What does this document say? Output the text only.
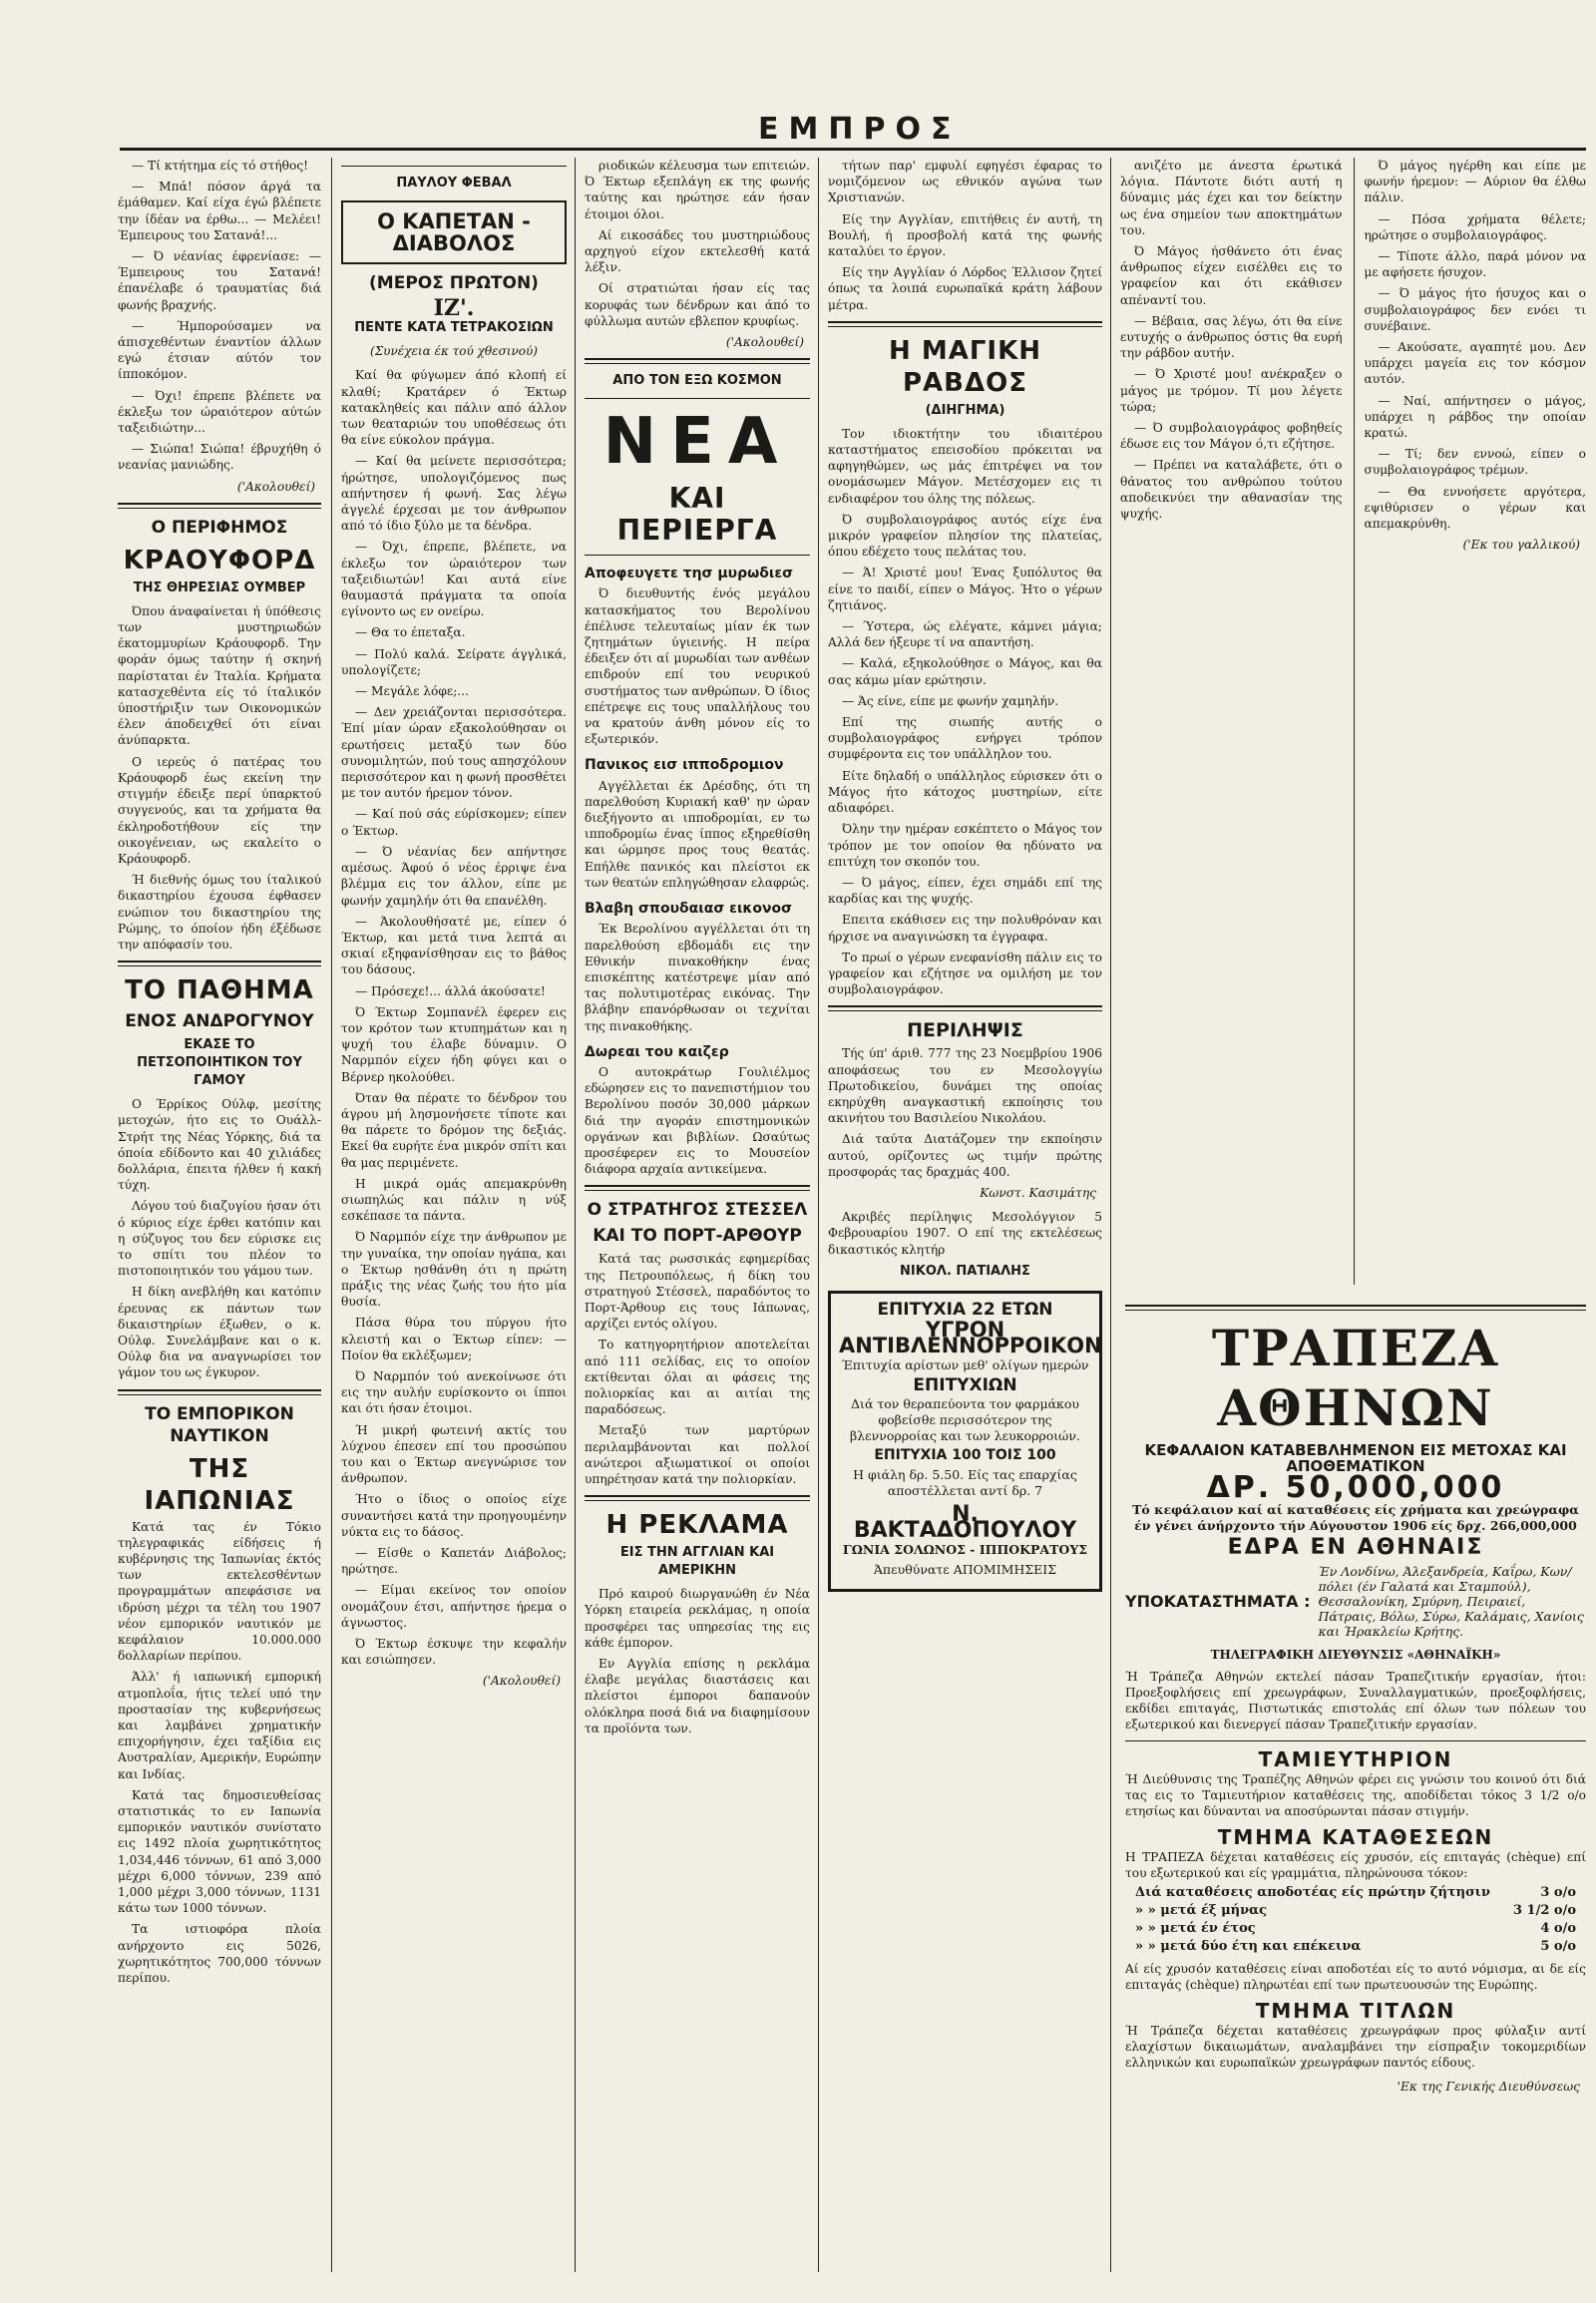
ΕΜΠΡΟΣ

— Τί κτήτημα είς τό στήθος!

— Μπά! πόσον άργά τα έμάθαμεν. Καί είχα έγώ βλέπετε την ίδέαν να έρθω... — Μελέει! Έμπειρους του Σατανά!...

— Ό νέανίας έφρενίασε: — Έμπειρους του Σατανά! έπανέλαβε ό τραυματίας διά φωνής βραχνής.

— Ήμπορούσαμεν να άπισχεθέντων έναντίον άλλων εγώ έτσιαν αύτόν τον ίπποκόμον.

— Όχι! έπρεπε βλέπετε να έκλεξω τον ώραιότερον αύτών ταξειδιώτην...

— Σιώπα! Σιώπα! έβρυχήθη ό νεανίας μανιώδης.

('Ακολουθεί)
Ο ΠΕΡΙΦΗΜΟΣ
ΚΡΑΟΥΦΟΡΔ
ΤΗΣ ΘΗΡΕΣΙΑΣ ΟΥΜΒΕΡ

Όπου άναφαίνεται ή ύπόθεσις των μυστηριωδών έκατομμυρίων Κράουφορδ. Την φοράν όμως ταύτην ή σκηνή παρίσταται έν Ίταλία. Κρήματα κατασχεθέντα είς τό ίταλικόν ύποστήριξιν των Οικονομικών έλεν άποδειχθεί ότι είναι άνύπαρκτα.

Ο ιερεύς ό πατέρας του Κράουφορδ έως εκείνη την στιγμήν έδειξε περί ύπαρκτού συγγενούς, και τα χρήματα θα έκληροδοτήθουν είς την οικογένειαν, ως εκαλείτο ο Κράουφορδ.

Ή διεθνής όμως του ίταλικού δικαστηρίου έχουσα έφθασεν ενώπιον του δικαστηρίου της Ρώμης, το όποίον ήδη έξέδωσε την απόφασίν του.

ΤΟ ΠΑΘΗΜΑ
ΕΝΟΣ ΑΝΔΡΟΓΥΝΟΥ
ΕΚΑΣΕ ΤΟ ΠΕΤΣΟΠΟΙΗΤΙΚΟΝ ΤΟΥ ΓΑΜΟΥ

Ο Έρρίκος Ούλφ, μεσίτης μετοχών, ήτο εις το Ουάλλ-Στρήτ της Νέας Υόρκης, διά τα όποία εδίδοντο και 40 χιλιάδες δολλάρια, έπειτα ήλθεν ή κακή τύχη.

Λόγου τού διαζυγίου ήσαν ότι ό κύριος είχε έρθει κατόπιν και η σύζυγος του δεν εύρισκε εις το σπίτι του πλέον το πιστοποιητικόν του γάμου των.

Η δίκη ανεβλήθη και κατόπιν έρευνας εκ πάντων των δικαιστηρίων έξωθεν, ο κ. Ούλφ. Συνελάμβανε και ο κ. Ούλφ δια να αναγνωρίσει τον γάμον του ως έγκυρον.

ΤΟ ΕΜΠΟΡΙΚΟΝ ΝΑΥΤΙΚΟΝ
ΤΗΣ ΙΑΠΩΝΙΑΣ

Κατά τας έν Τόκιο τηλεγραφικάς είδήσεις ή κυβέρνησις της Ίαπωνίας έκτός των εκτελεσθέντων προγραμμάτων απεφάσισε να ιδρύση μέχρι τα τέλη του 1907 νέον εμπορικόν ναυτικόν με κεφάλαιον 10.000.000 δολλαρίων περίπου.

Άλλ' ή ιαπωνική εμπορική ατμοπλοΐα, ήτις τελεί υπό την προστασίαν της κυβερνήσεως και λαμβάνει χρηματικήν επιχορήγησιν, έχει ταξίδια εις Αυστραλίαν, Αμερικήν, Ευρώπην και Ινδίας.

Κατά τας δημοσιευθείσας στατιστικάς το εν Ιαπωνία εμπορικόν ναυτικόν συνίστατο εις 1492 πλοία χωρητικότητος 1,034,446 τόννων, 61 από 3,000 μέχρι 6,000 τόννων, 239 από 1,000 μέχρι 3,000 τόννων, 1131 κάτω των 1000 τόννων.

Τα ιστιοφόρα πλοία ανήρχοντο εις 5026, χωρητικότητος 700,000 τόννων περίπου.

ΠΑΥΛΟΥ ΦΕΒΑΛ
Ο ΚΑΠΕΤΑΝ - ΔΙΑΒΟΛΟΣ
(ΜΕΡΟΣ ΠΡΩΤΟΝ)
ΙΖ'.
ΠΕΝΤΕ ΚΑΤΑ ΤΕΤΡΑΚΟΣΙΩΝ
(Συνέχεια έκ τού χθεσινού)

Καί θα φύγωμεν άπό κλοπή εί κλαθί; Κρατάρεν ό Έκτωρ κατακληθείς και πάλιν από άλλον των θεαταριών του υποθέσεως ότι θα είνε εύκολον πράγμα.

— Καί θα μείνετε περισσότερα; ήρώτησε, υπολογιζόμενος πως απήντησεν ή φωνή. Σας λέγω άγγελέ έρχεσαι με τον άνθρωπον από τό ίδιο ξύλο με τα δένδρα.

— Όχι, έπρεπε, βλέπετε, να έκλεξω τον ώραιότερον των ταξειδιωτών! Και αυτά είνε θαυμαστά πράγματα τα οποία εγίνοντο ως εν ονείρω.

— Θα το έπεταξα.

— Πολύ καλά. Σείρατε άγγλικά, υπολογίζετε;

— Μεγάλε λόφε;...

— Δεν χρειάζονται περισσότερα. Έπί μίαν ώραν εξακολούθησαν οι ερωτήσεις μεταξύ των δύο συνομιλητών, πού τους απησχόλουν περισσότερον και η φωνή προσθέτει με τον αυτόν ήρεμον τόνον.

— Καί πού σάς εύρίσκομεν; είπεν ο Έκτωρ.

— Ό νέανίας δεν απήντησε αμέσως. Άφού ό νέος έρριψε ένα βλέμμα εις τον άλλον, είπε με φωνήν χαμηλήν ότι θα επανέλθη.

— Άκολουθήσατέ με, είπεν ό Έκτωρ, και μετά τινα λεπτά αι σκιαί εξηφανίσθησαν εις το βάθος του δάσους.

— Πρόσεχε!... άλλά άκούσατε!

Ό Έκτωρ Σομπανέλ έφερεν εις τον κρότον των κτυπημάτων και η ψυχή του έλαβε δύναμιν. Ο Ναρμπόν είχεν ήδη φύγει και ο Βέρνερ ηκολούθει.

Όταν θα πέρατε το δένδρον του άγρου μή λησμονήσετε τίποτε και θα πάρετε το δρόμον της δεξιάς. Εκεί θα ευρήτε ένα μικρόν σπίτι και θα μας περιμένετε.

Η μικρά ομάς απεμακρύνθη σιωπηλώς και πάλιν η νύξ εσκέπασε τα πάντα.

Ό Ναρμπόν είχε την άνθρωπον με την γυναίκα, την οποίαν ηγάπα, και ο Έκτωρ ησθάνθη ότι η πρώτη πράξις της νέας ζωής του ήτο μία θυσία.

Πάσα θύρα του πύργου ήτο κλειστή και ο Έκτωρ είπεν: — Ποίον θα εκλέξωμεν;

Ό Ναρμπόν τού ανεκοίνωσε ότι εις την αυλήν ευρίσκοντο οι ίπποι και ότι ήσαν έτοιμοι.

Ή μικρή φωτεινή ακτίς του λύχνου έπεσεν επί του προσώπου του και ο Έκτωρ ανεγνώρισε τον άνθρωπον.

Ήτο ο ίδιος ο οποίος είχε συναντήσει κατά την προηγουμένην νύκτα εις το δάσος.

— Είσθε ο Καπετάν Διάβολος; ηρώτησε.

— Είμαι εκείνος τον οποίον ονομάζουν έτσι, απήντησε ήρεμα ο άγνωστος.

Ό Έκτωρ έσκυψε την κεφαλήν και εσιώπησεν.

('Ακολουθεί)

ριοδικών κέλευσμα των επιτειών. Ό Έκτωρ εξεπλάγη εκ της φωνής ταύτης και ηρώτησε εάν ήσαν έτοιμοι όλοι.

Αί εικοσάδες του μυστηριώδους αρχηγού είχον εκτελεσθή κατά λέξιν.

Οί στρατιώται ήσαν είς τας κορυφάς των δένδρων και άπό το φύλλωμα αυτών εβλεπον κρυφίως.

('Ακολουθεί)
ΑΠΟ ΤΟΝ ΕΞΩ ΚΟΣΜΟΝ
ΝΕΑ
ΚΑΙ ΠΕΡΙΕΡΓΑ
Αποφευγετε τησ μυρωδιεσ

Ό διευθυντής ένός μεγάλου κατασκήματος του Βερολίνου έπέλυσε τελευταίως μίαν έκ των ζητημάτων ύγιεινής. Η πείρα έδειξεν ότι αί μυρωδίαι των ανθέων επιδρούν επί του νευρικού συστήματος των ανθρώπων. Ό ίδιος επέτρεψε εις τους υπαλλήλους του να κρατούν άνθη μόνον είς το εξωτερικόν.

Πανικος εισ ιπποδρομιον

Αγγέλλεται έκ Δρέσδης, ότι τη παρελθούση Κυριακή καθ' ην ώραν διεξήγοντο αι ιπποδρομίαι, εν τω ιπποδρομίω ένας ίππος εξηρεθίσθη και ώρμησε προς τους θεατάς. Επήλθε πανικός και πλείστοι εκ των θεατών επληγώθησαν ελαφρώς.

Βλαβη σπουδαιασ εικονοσ

Έκ Βερολίνου αγγέλλεται ότι τη παρελθούση εβδομάδι εις την Εθνικήν πινακοθήκην ένας επισκέπτης κατέστρεψε μίαν από τας πολυτιμοτέρας εικόνας. Την βλάβην επανόρθωσαν οι τεχνίται της πινακοθήκης.

Δωρεαι του καιζερ

Ο αυτοκράτωρ Γουλιέλμος εδώρησεν εις το πανεπιστήμιον του Βερολίνου ποσόν 30,000 μάρκων διά την αγοράν επιστημονικών οργάνων και βιβλίων. Ωσαύτως προσέφερεν εις το Μουσείον διάφορα αρχαία αντικείμενα.

Ο ΣΤΡΑΤΗΓΟΣ ΣΤΕΣΣΕΛ
ΚΑΙ ΤΟ ΠΟΡΤ-ΑΡΘΟΥΡ

Κατά τας ρωσσικάς εφημερίδας της Πετρουπόλεως, ή δίκη του στρατηγού Στέσσελ, παραδόντος το Πορτ-Άρθουρ εις τους Ιάπωνας, αρχίζει εντός ολίγου.

Το κατηγορητήριον αποτελείται από 111 σελίδας, εις το οποίον εκτίθενται όλαι αι φάσεις της πολιορκίας και αι αιτίαι της παραδόσεως.

Μεταξύ των μαρτύρων περιλαμβάνονται και πολλοί ανώτεροι αξιωματικοί οι οποίοι υπηρέτησαν κατά την πολιορκίαν.

Η ΡΕΚΛΑΜΑ
ΕΙΣ ΤΗΝ ΑΓΓΛΙΑΝ ΚΑΙ ΑΜΕΡΙΚΗΝ

Πρό καιρού διωργανώθη έν Νέα Υόρκη εταιρεία ρεκλάμας, η οποία προσφέρει τας υπηρεσίας της εις κάθε έμπορον.

Εν Αγγλία επίσης η ρεκλάμα έλαβε μεγάλας διαστάσεις και πλείστοι έμποροι δαπανούν ολόκληρα ποσά διά να διαφημίσουν τα προϊόντα των.

τήτων παρ' εμφυλί εφηγέσι έφαρας το νομιζόμενον ως εθνικόν αγώνα των Χριστιανών.

Είς την Αγγλίαν, επιτήθεις έν αυτή, τη Βουλή, ή προσβολή κατά της φωνής καταλύει το έργον.

Είς την Αγγλίαν ό Λόρδος Έλλισον ζητεί όπως τα λοιπά ευρωπαϊκά κράτη λάβουν μέτρα.

Η ΜΑΓΙΚΗ ΡΑΒΔΟΣ
(ΔΙΗΓΗΜΑ)

Τον ιδιοκτήτην του ιδιαιτέρου καταστήματος επεισοδίου πρόκειται να αφηγηθώμεν, ως μάς έπιτρέψει να τον ονομάσωμεν Μάγον. Μετέσχομεν εις τι ενδιαφέρον του όλης της πόλεως.

Ό συμβολαιογράφος αυτός είχε ένα μικρόν γραφείον πλησίον της πλατείας, όπου εδέχετο τους πελάτας του.

— Ά! Χριστέ μου! Ένας ξυπόλυτος θα είνε το παιδί, είπεν ο Μάγος. Ήτο ο γέρων ζητιάνος.

— Ύστερα, ώς ελέγατε, κάμνει μάγια; Αλλά δεν ήξευρε τί να απαντήση.

— Καλά, εξηκολούθησε ο Μάγος, και θα σας κάμω μίαν ερώτησιν.

— Άς είνε, είπε με φωνήν χαμηλήν.

Επί της σιωπής αυτής ο συμβολαιογράφος ενήργει τρόπον συμφέροντα εις τον υπάλληλον του.

Είτε δηλαδή ο υπάλληλος εύρισκεν ότι ο Μάγος ήτο κάτοχος μυστηρίων, είτε αδιαφόρει.

Όλην την ημέραν εσκέπτετο ο Μάγος τον τρόπον με τον οποίον θα ηδύνατο να επιτύχη τον σκοπόν του.

— Ό μάγος, είπεν, έχει σημάδι επί της καρδίας και της ψυχής.

Επειτα εκάθισεν εις την πολυθρόναν και ήρχισε να αναγινώσκη τα έγγραφα.

Το πρωί ο γέρων ενεφανίσθη πάλιν εις το γραφείον και εζήτησε να ομιλήση με τον συμβολαιογράφον.

ΠΕΡΙΛΗΨΙΣ

Τής ύπ' άριθ. 777 της 23 Νοεμβρίου 1906 αποφάσεως του εν Μεσολογγίω Πρωτοδικείου, δυνάμει της οποίας εκηρύχθη αναγκαστική εκποίησις του ακινήτου του Βασιλείου Νικολάου.

Διά ταύτα Διατάζομεν την εκποίησιν αυτού, ορίζοντες ως τιμήν πρώτης προσφοράς τας δραχμάς 400.

Κωνστ. Κασιμάτης

Ακριβές περίληψις Μεσολόγγιον 5 Φεβρουαρίου 1907. Ο επί της εκτελέσεως δικαστικός κλητήρ

ΝΙΚΟΛ. ΠΑΤΙΑΛΗΣ
ΕΠΙΤΥΧΙΑ 22 ΕΤΩΝ
ΥΓΡΟΝ ΑΝΤΙΒΛΕΝΝΟΡΡΟΙΚΟΝ
Έπιτυχία αρίστων μεθ' ολίγων ημερών
ΕΠΙΤΥΧΙΩΝ
Διά τον θεραπεύοντα τον φαρμάκου φοβείσθε περισσότερον της βλεννορροίας και των λευκορροιών.
ΕΠΙΤΥΧΙΑ 100 ΤΟΙΣ 100
Η φιάλη δρ. 5.50. Είς τας επαρχίας αποστέλλεται αντί δρ. 7
Ν. ΒΑΚΤΑΔΟΠΟΥΛΟΥ
ΓΩΝΙΑ ΣΟΛΩΝΟΣ - ΙΠΠΟΚΡΑΤΟΥΣ
Άπευθύνατε ΑΠΟΜΙΜΗΣΕΙΣ

ανιζέτο με άνεστα έρωτικά λόγια. Πάντοτε διότι αυτή η δύναμις μάς έχει και τον δείκτην ως ένα σημείον των αποκτημάτων του.

Ό Μάγος ήσθάνετο ότι ένας άνθρωπος είχεν εισέλθει εις το γραφείον και ότι εκάθισεν απέναντί του.

— Βέβαια, σας λέγω, ότι θα είνε ευτυχής ο άνθρωπος όστις θα ευρή την ράβδον αυτήν.

— Ό Χριστέ μου! ανέκραξεν ο μάγος με τρόμον. Τί μου λέγετε τώρα;

— Ό συμβολαιογράφος φοβηθείς έδωσε εις τον Μάγον ό,τι εζήτησε.

— Πρέπει να καταλάβετε, ότι ο θάνατος του ανθρώπου τούτου αποδεικνύει την αθανασίαν της ψυχής.

Ό μάγος ηγέρθη και είπε με φωνήν ήρεμον: — Αύριον θα έλθω πάλιν.

— Πόσα χρήματα θέλετε; ηρώτησε ο συμβολαιογράφος.

— Τίποτε άλλο, παρά μόνον να με αφήσετε ήσυχον.

— Ό μάγος ήτο ήσυχος και ο συμβολαιογράφος δεν ενόει τι συνέβαινε.

— Ακούσατε, αγαπητέ μου. Δεν υπάρχει μαγεία εις τον κόσμον αυτόν.

— Ναί, απήντησεν ο μάγος, υπάρχει η ράβδος την οποίαν κρατώ.

— Τί; δεν εννοώ, είπεν ο συμβολαιογράφος τρέμων.

— Θα εννοήσετε αργότερα, εψιθύρισεν ο γέρων και απεμακρύνθη.

('Εκ του γαλλικού)
ΤΡΑΠΕΖΑ ΑΘΗΝΩΝ
ΚΕΦΑΛΑΙΟΝ ΚΑΤΑΒΕΒΛΗΜΕΝΟΝ ΕΙΣ ΜΕΤΟΧΑΣ ΚΑΙ ΑΠΟΘΕΜΑΤΙΚΟΝ
ΔΡ. 50,000,000
Τό κεφάλαιον καί αί καταθέσεις είς χρήματα και χρεώγραφα έν γένει άνήρχοντο τήν Αύγουστον 1906 είς δρχ. 266,000,000
ΕΔΡΑ ΕΝ ΑΘΗΝΑΙΣ
ΥΠΟΚΑΤΑΣΤΗΜΑΤΑ :
Έν Λονδίνω, Άλεξανδρεία, Καΐρω, Κων/πόλει (έν Γαλατά και Σταμπούλ), Θεσσαλονίκη, Σμύρνη, Πειραιεί, Πάτραις, Βόλω, Σύρω, Καλάμαις, Χανίοις και Ήρακλείω Κρήτης.
ΤΗΛΕΓΡΑΦΙΚΗ ΔΙΕΥΘΥΝΣΙΣ «ΑΘΗΝΑΪΚΗ»

Ή Τράπεζα Αθηνών εκτελεί πάσαν Τραπεζιτικήν εργασίαν, ήτοι: Προεξοφλήσεις επί χρεωγράφων, Συναλλαγματικών, προεξοφλήσεις, εκδίδει επιταγάς, Πιστωτικάς επιστολάς επί όλων των πόλεων του εξωτερικού και διενεργεί πάσαν Τραπεζιτικήν εργασίαν.

ΤΑΜΙΕΥΤΗΡΙΟΝ

Ή Διεύθυνσις της Τραπέζης Αθηνών φέρει εις γνώσιν του κοινού ότι διά τας εις το Ταμιευτήριον καταθέσεις της, αποδίδεται τόκος 3 1/2 ο/ο ετησίως και δύνανται να αποσύρωνται πάσαν στιγμήν.

ΤΜΗΜΑ ΚΑΤΑΘΕΣΕΩΝ

Η ΤΡΑΠΕΖΑ δέχεται καταθέσεις είς χρυσόν, είς επιταγάς (chèque) επί του εξωτερικού και είς γραμμάτια, πληρώνουσα τόκον:

Διά καταθέσεις αποδοτέας είς πρώτην ζήτησιν	3 ο/ο
» » μετά έξ μήνας	3 1/2 ο/ο
» » μετά έν έτος	4 ο/ο
» » μετά δύο έτη και επέκεινα	5 ο/ο

Αί είς χρυσόν καταθέσεις είναι αποδοτέαι είς το αυτό νόμισμα, αι δε είς επιταγάς (chèque) πληρωτέαι επί των πρωτευουσών της Ευρώπης.

ΤΜΗΜΑ ΤΙΤΛΩΝ

Ή Τράπεζα δέχεται καταθέσεις χρεωγράφων προς φύλαξιν αντί ελαχίστων δικαιωμάτων, αναλαμβάνει την είσπραξιν τοκομεριδίων ελληνικών και ευρωπαϊκών χρεωγράφων παντός είδους.

'Εκ της Γενικής Διευθύνσεως
